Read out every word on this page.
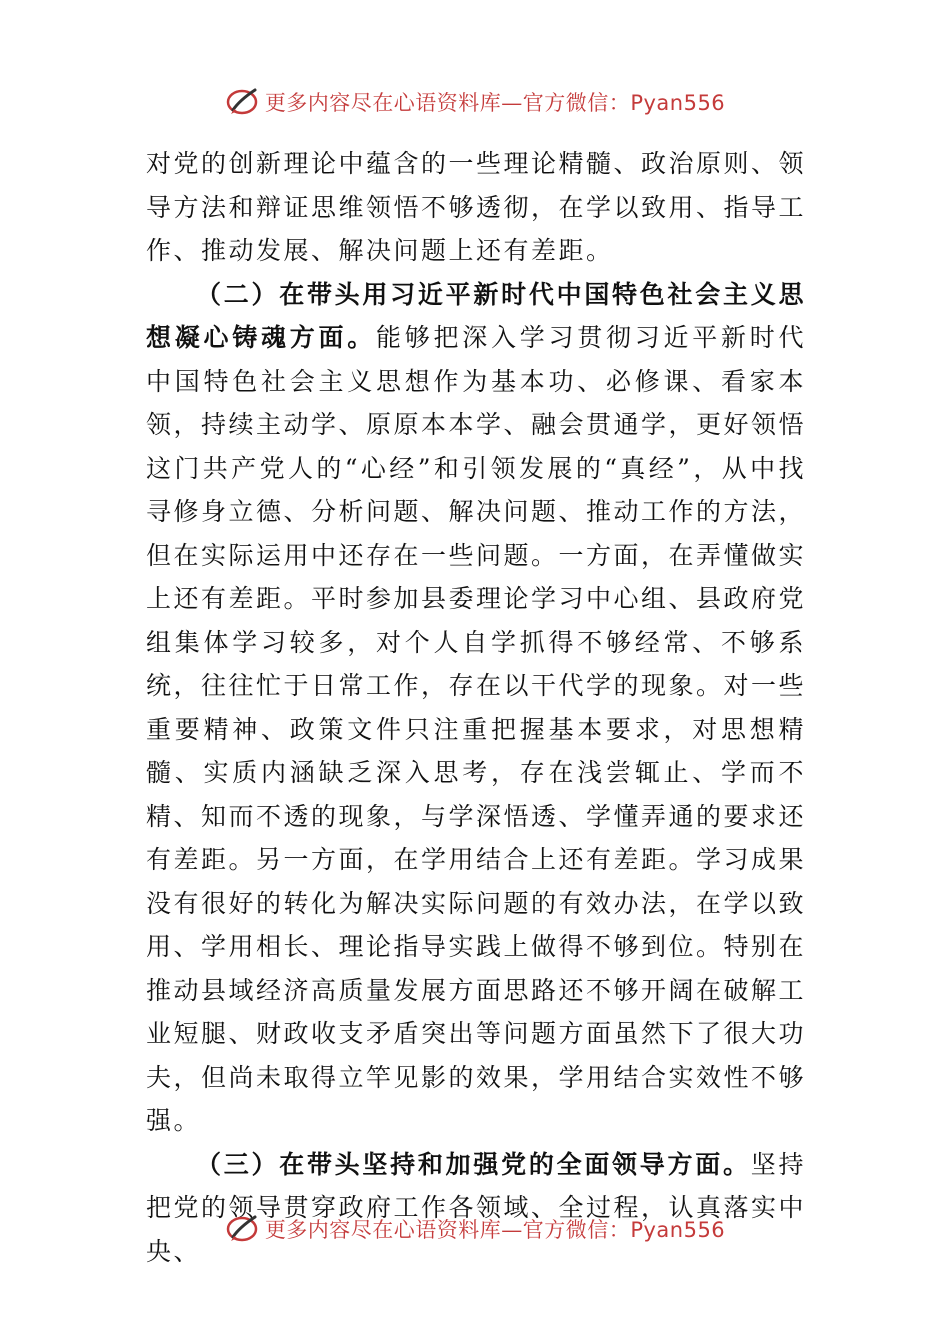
更多内容尽在心语资料库—官方微信：Pyan556

对党的创新理论中蕴含的一些理论精髓、政治原则、领导方法和辩证思维领悟不够透彻，在学以致用、指导工作、推动发展、解决问题上还有差距。

（二）在带头用习近平新时代中国特色社会主义思想凝心铸魂方面。能够把深入学习贯彻习近平新时代中国特色社会主义思想作为基本功、必修课、看家本领，持续主动学、原原本本学、融会贯通学，更好领悟这门共产党人的“心经”和引领发展的“真经”，从中找寻修身立德、分析问题、解决问题、推动工作的方法，但在实际运用中还存在一些问题。一方面，在弄懂做实上还有差距。平时参加县委理论学习中心组、县政府党组集体学习较多，对个人自学抓得不够经常、不够系统，往往忙于日常工作，存在以干代学的现象。对一些重要精神、政策文件只注重把握基本要求，对思想精髓、实质内涵缺乏深入思考，存在浅尝辄止、学而不精、知而不透的现象，与学深悟透、学懂弄通的要求还有差距。另一方面，在学用结合上还有差距。学习成果没有很好的转化为解决实际问题的有效办法，在学以致用、学用相长、理论指导实践上做得不够到位。特别在推动县域经济高质量发展方面思路还不够开阔在破解工业短腿、财政收支矛盾突出等问题方面虽然下了很大功夫，但尚未取得立竿见影的效果，学用结合实效性不够强。

（三）在带头坚持和加强党的全面领导方面。坚持把党的领导贯穿政府工作各领域、全过程，认真落实中央、

更多内容尽在心语资料库—官方微信：Pyan556
